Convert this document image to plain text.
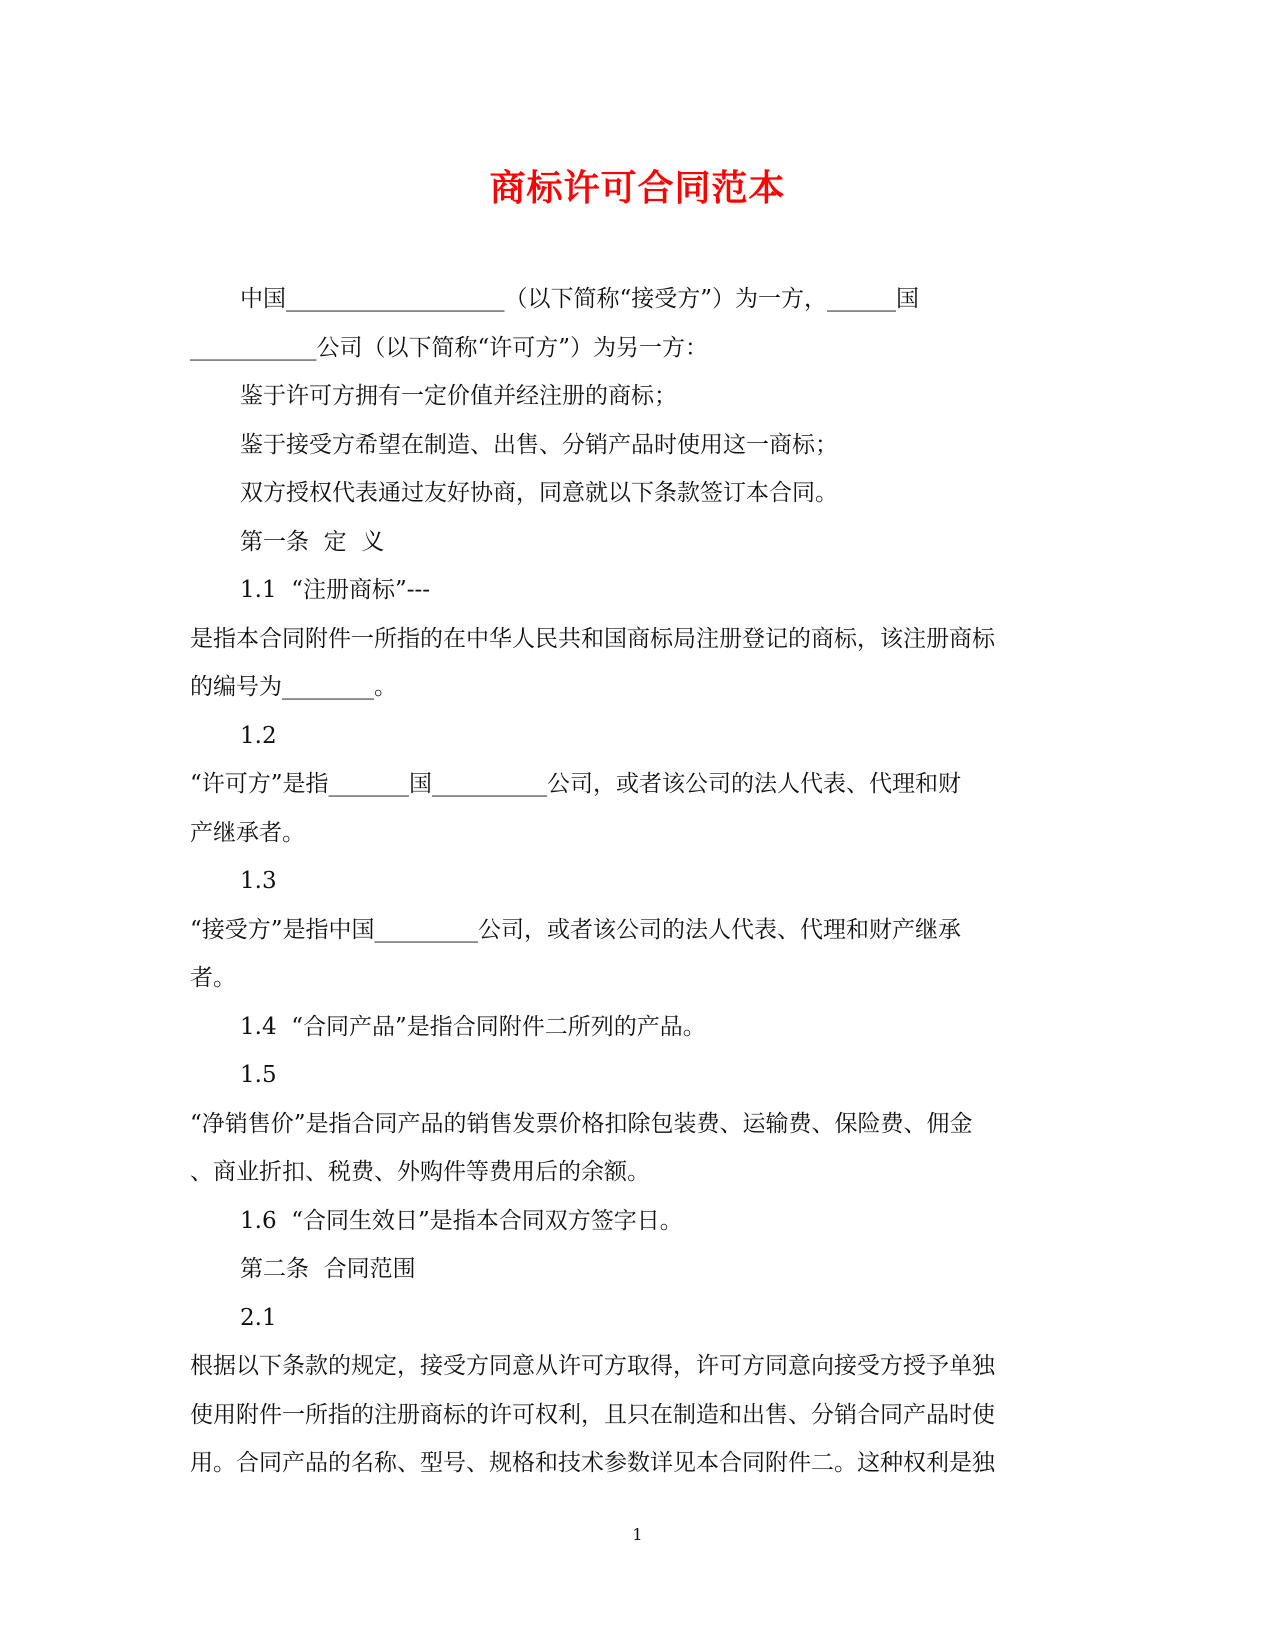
商标许可合同范本
中国___________________（以下简称“接受方”）为一方，______国
___________公司（以下简称“许可方”）为另一方：
鉴于许可方拥有一定价值并经注册的商标；
鉴于接受方希望在制造、出售、分销产品时使用这一商标；
双方授权代表通过友好协商，同意就以下条款签订本合同。
第一条  定  义
1.1  “注册商标”---
是指本合同附件一所指的在中华人民共和国商标局注册登记的商标，该注册商标
的编号为________。
1.2
“许可方”是指_______国__________公司，或者该公司的法人代表、代理和财
产继承者。
1.3
“接受方”是指中国_________公司，或者该公司的法人代表、代理和财产继承
者。
1.4  “合同产品”是指合同附件二所列的产品。
1.5
“净销售价”是指合同产品的销售发票价格扣除包装费、运输费、保险费、佣金
、商业折扣、税费、外购件等费用后的余额。
1.6  “合同生效日”是指本合同双方签字日。
第二条  合同范围
2.1
根据以下条款的规定，接受方同意从许可方取得，许可方同意向接受方授予单独
使用附件一所指的注册商标的许可权利，且只在制造和出售、分销合同产品时使
用。合同产品的名称、型号、规格和技术参数详见本合同附件二。这种权利是独
1
